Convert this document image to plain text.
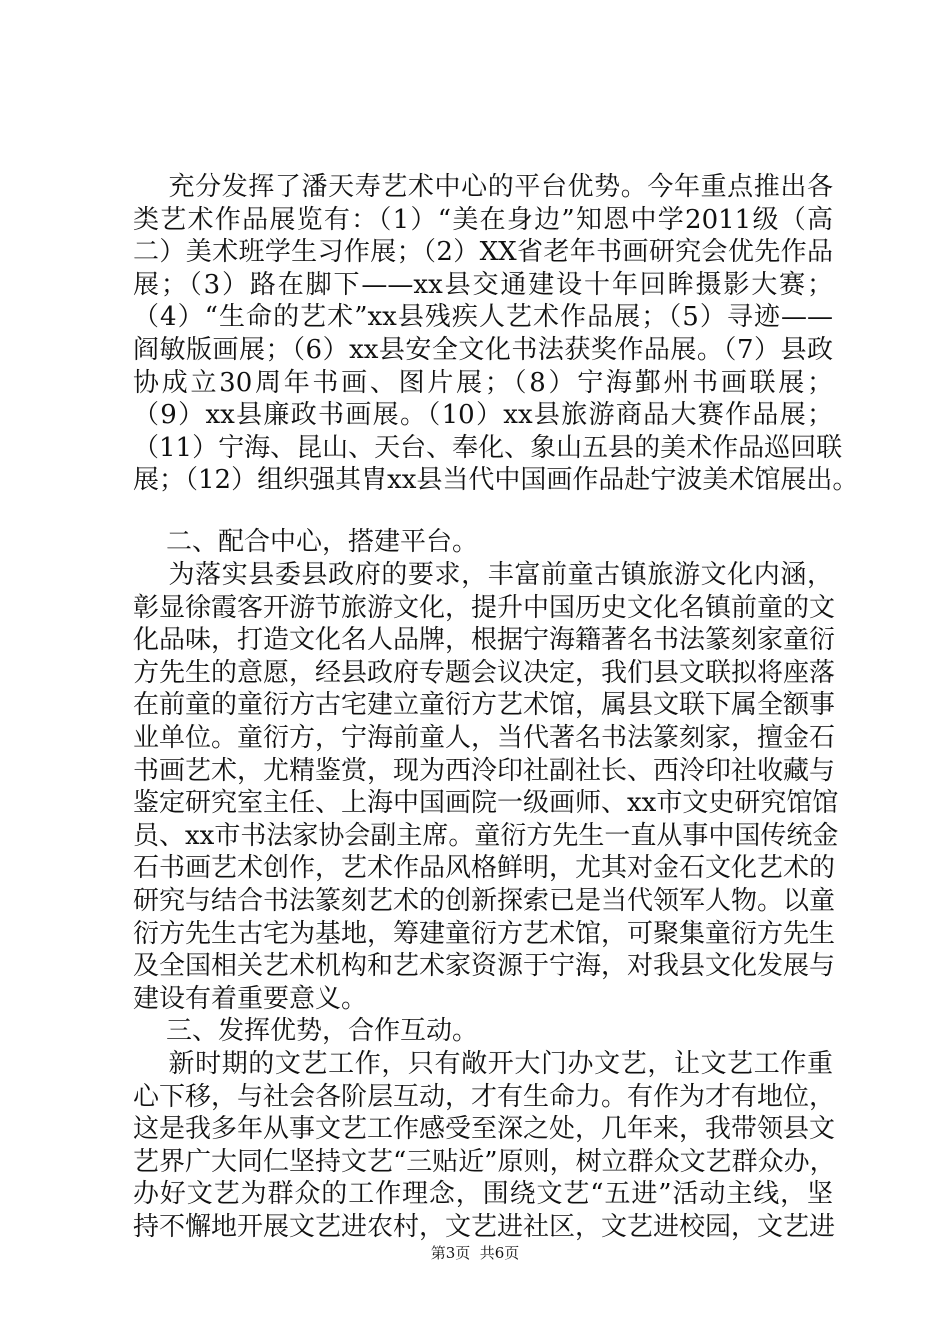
充分发挥了潘天寿艺术中心的平台优势。今年重点推出各
类艺术作品展览有：（1）“美在身边”知恩中学2011级（高
二）美术班学生习作展；（2）XX省老年书画研究会优先作品
展；（3）路在脚下——xx县交通建设十年回眸摄影大赛；
（4）“生命的艺术”xx县残疾人艺术作品展；（5）寻迹——
阎敏版画展；（6）xx县安全文化书法获奖作品展。（7）县政
协成立30周年书画、图片展；（8）宁海鄞州书画联展；
（9）xx县廉政书画展。（10）xx县旅游商品大赛作品展；
（11）宁海、昆山、天台、奉化、象山五县的美术作品巡回联
展；（12）组织强其胄xx县当代中国画作品赴宁波美术馆展出。
二、配合中心，搭建平台。
为落实县委县政府的要求，丰富前童古镇旅游文化内涵，
彰显徐霞客开游节旅游文化，提升中国历史文化名镇前童的文
化品味，打造文化名人品牌，根据宁海籍著名书法篆刻家童衍
方先生的意愿，经县政府专题会议决定，我们县文联拟将座落
在前童的童衍方古宅建立童衍方艺术馆，属县文联下属全额事
业单位。童衍方，宁海前童人，当代著名书法篆刻家，擅金石
书画艺术，尤精鉴赏，现为西泠印社副社长、西泠印社收藏与
鉴定研究室主任、上海中国画院一级画师、xx市文史研究馆馆
员、xx市书法家协会副主席。童衍方先生一直从事中国传统金
石书画艺术创作，艺术作品风格鲜明，尤其对金石文化艺术的
研究与结合书法篆刻艺术的创新探索已是当代领军人物。以童
衍方先生古宅为基地，筹建童衍方艺术馆，可聚集童衍方先生
及全国相关艺术机构和艺术家资源于宁海，对我县文化发展与
建设有着重要意义。
三、发挥优势，合作互动。
新时期的文艺工作，只有敞开大门办文艺，让文艺工作重
心下移，与社会各阶层互动，才有生命力。有作为才有地位，
这是我多年从事文艺工作感受至深之处，几年来，我带领县文
艺界广大同仁坚持文艺“三贴近”原则，树立群众文艺群众办，
办好文艺为群众的工作理念，围绕文艺“五进”活动主线，坚
持不懈地开展文艺进农村，文艺进社区，文艺进校园，文艺进
第3页  共6页
